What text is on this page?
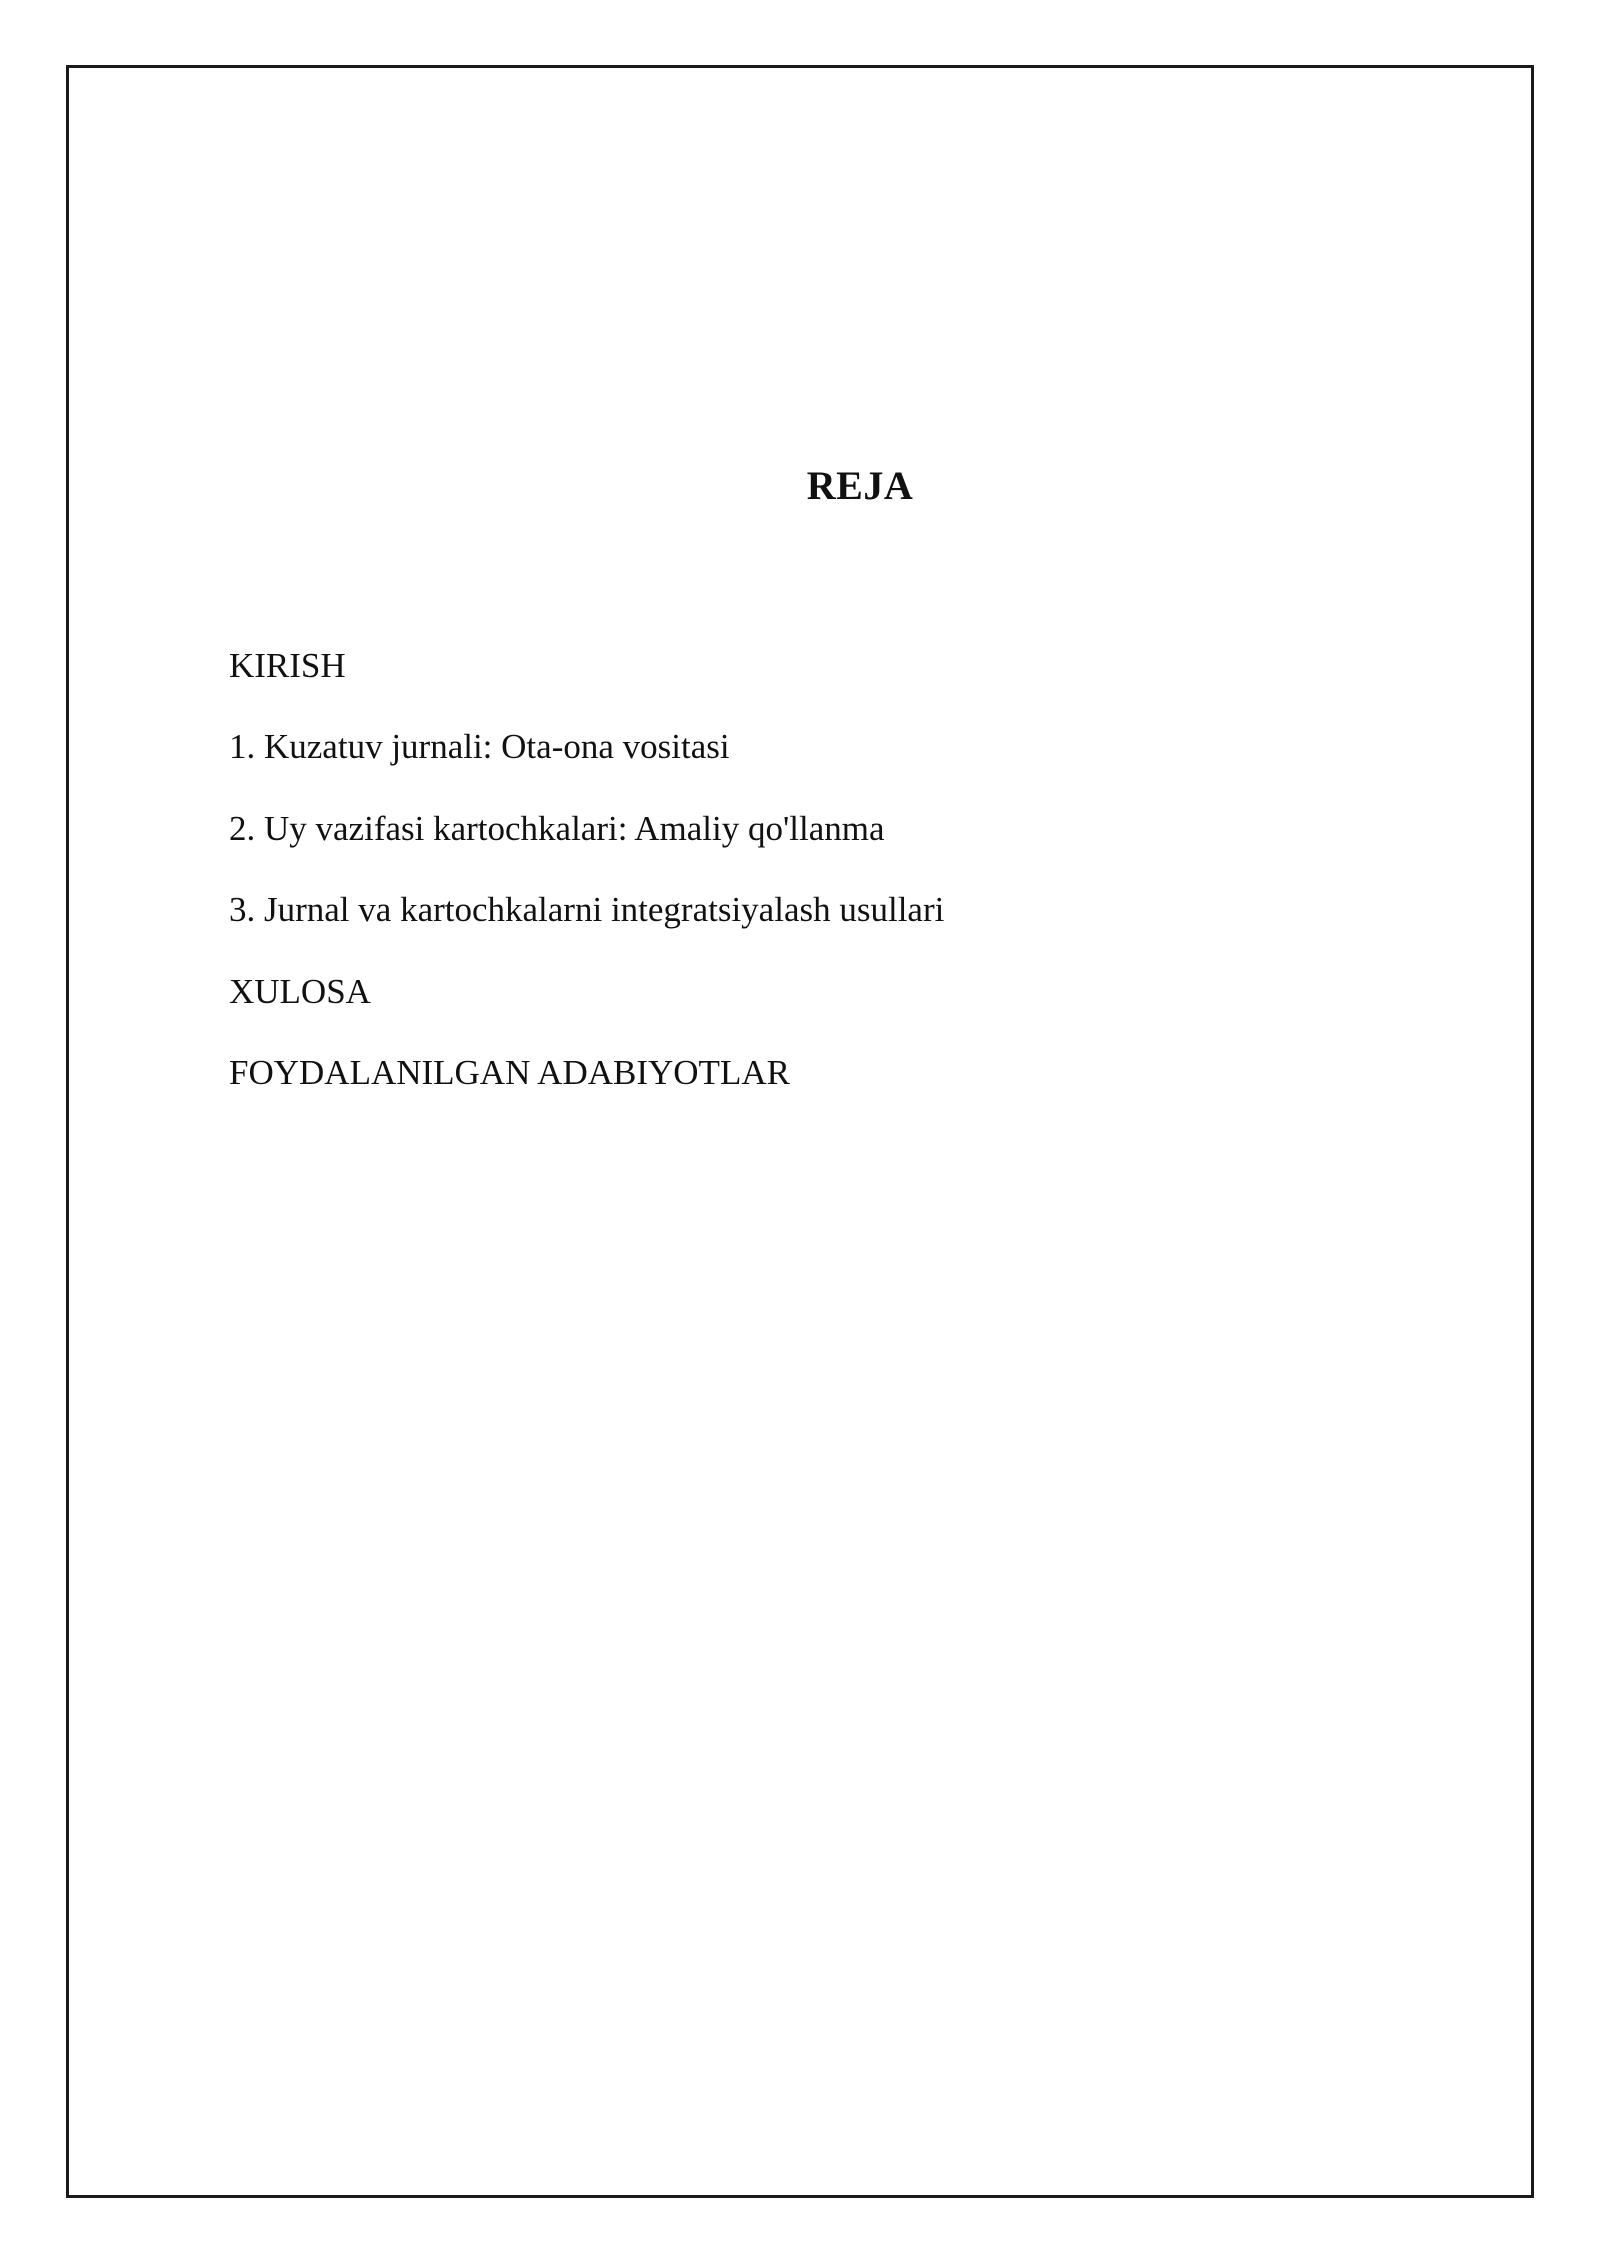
REJA
KIRISH
1. Kuzatuv jurnali: Ota-ona vositasi
2. Uy vazifasi kartochkalari: Amaliy qo'llanma
3. Jurnal va kartochkalarni integratsiyalash usullari
XULOSA
FOYDALANILGAN ADABIYOTLAR
